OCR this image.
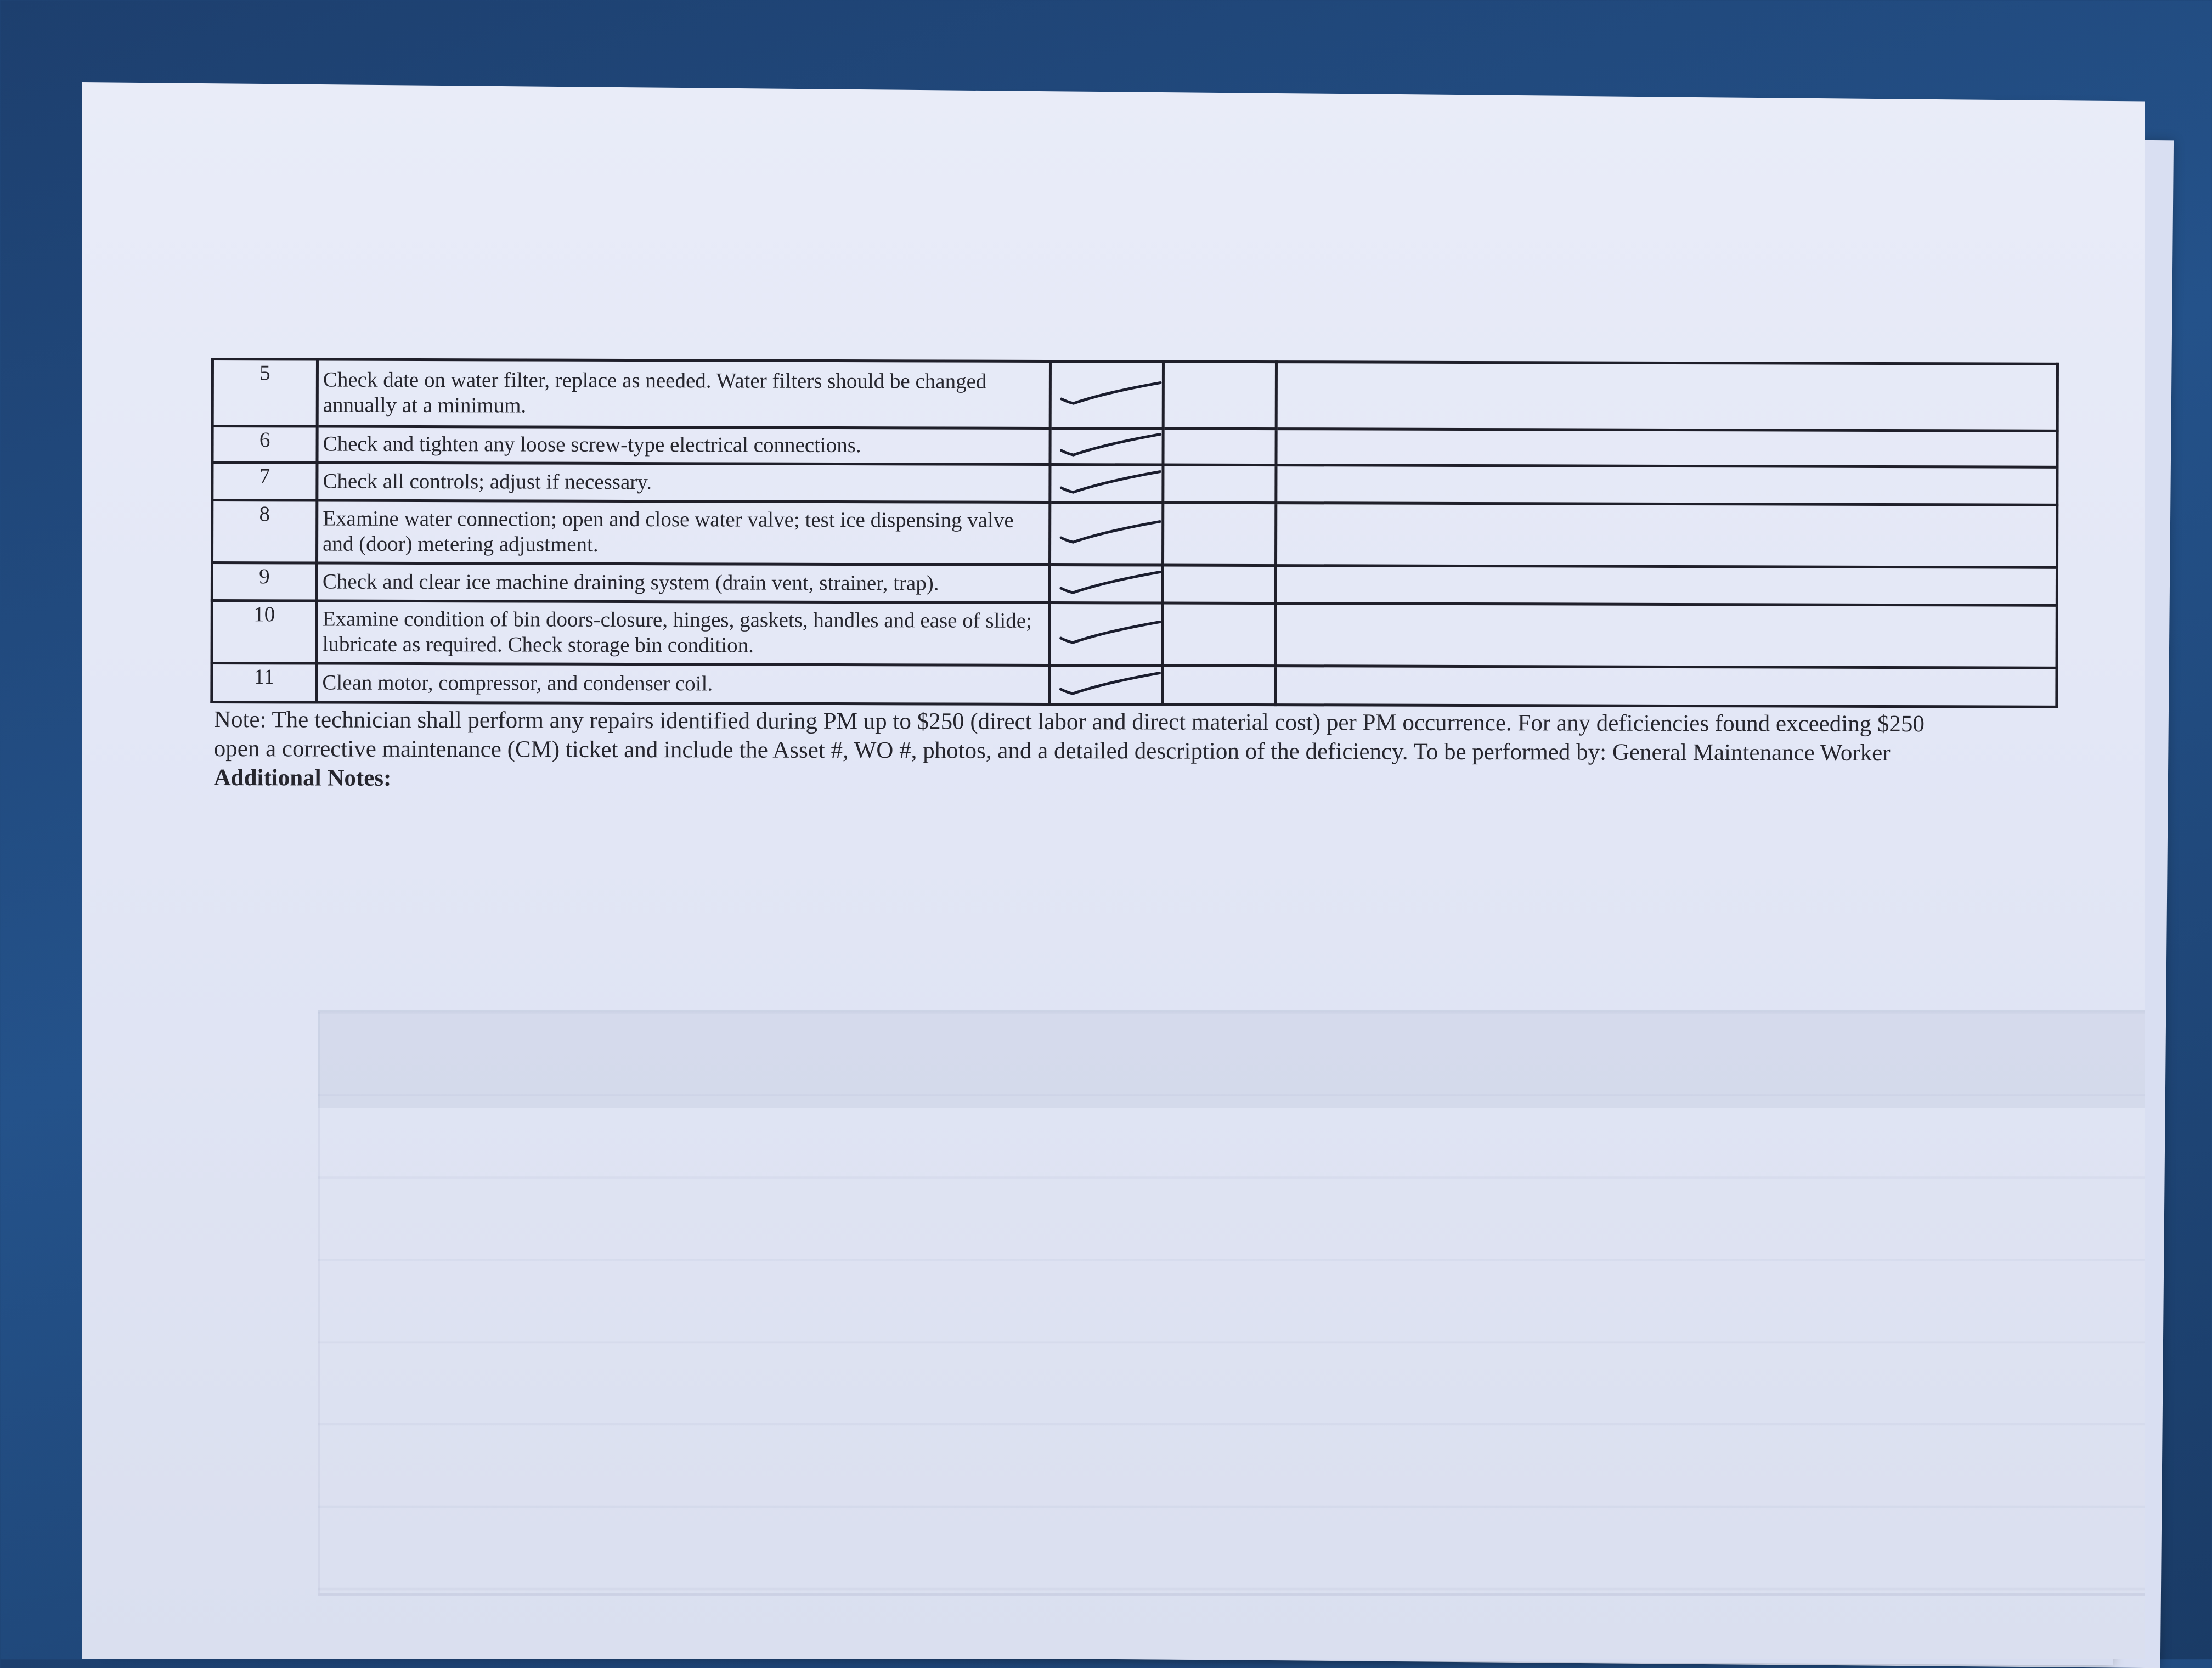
5	Check date on water filter, replace as needed. Water filters should be changed annually at a minimum.	

6	Check and tighten any loose screw-type electrical connections.	

7	Check all controls; adjust if necessary.	

8	Examine water connection; open and close water valve; test ice dispensing valve and (door) metering adjustment.	

9	Check and clear ice machine draining system (drain vent, strainer, trap).	

10	Examine condition of bin doors-closure, hinges, gaskets, handles and ease of slide; lubricate as required. Check storage bin condition.	

11	Clean motor, compressor, and condenser coil.	

Note: The technician shall perform any repairs identified during PM up to $250 (direct labor and direct material cost) per PM occurrence. For any deficiencies found exceeding $250 open a corrective maintenance (CM) ticket and include the Asset #, WO #, photos, and a detailed description of the deficiency. To be performed by: General Maintenance Worker Additional Notes:
